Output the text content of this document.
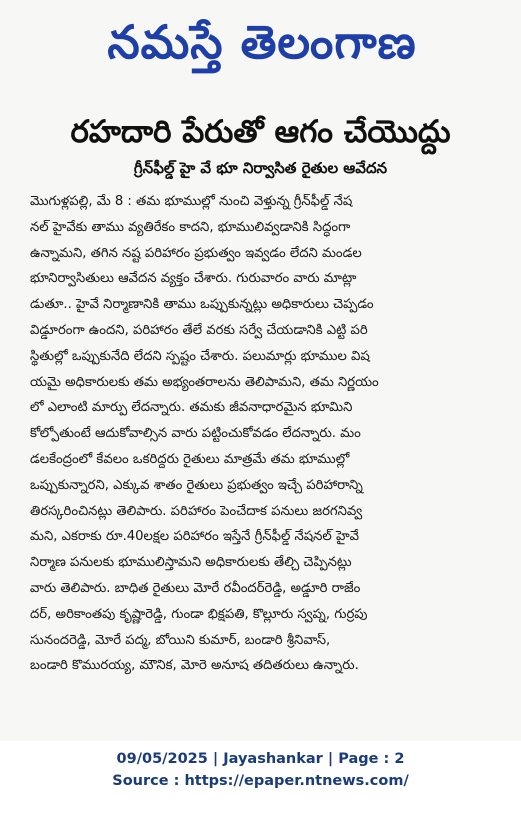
నమస్తే తెలంగాణ
రహదారి పేరుతో ఆగం చేయొద్దు
గ్రీన్‌ఫీల్డ్ హై వే భూ నిర్వాసిత రైతుల ఆవేదన
మొగుళ్లపల్లి, మే 8 : తమ భూముల్లో నుంచి వెళ్తున్న గ్రీన్‌ఫీల్డ్ నేష
నల్ హైవేకు తాము వ్యతిరేకం కాదని, భూములివ్వడానికి సిద్ధంగా
ఉన్నామని, తగిన నష్ట పరిహారం ప్రభుత్వం ఇవ్వడం లేదని మండల
భూనిర్వాసితులు ఆవేదన వ్యక్తం చేశారు. గురువారం వారు మాట్లా
డుతూ.. హైవే నిర్మాణానికి తాము ఒప్పుకున్నట్లు అధికారులు చెప్పడం
విడ్డూరంగా ఉందని, పరిహారం తేలే వరకు సర్వే చేయడానికి ఎట్టి పరి
స్థితుల్లో ఒప్పుకునేది లేదని స్పష్టం చేశారు. పలుమార్లు భూముల విష
యమై అధికారులకు తమ అభ్యంతరాలను తెలిపామని, తమ నిర్ణయం
లో ఎలాంటి మార్పు లేదన్నారు. తమకు జీవనాధారమైన భూమిని
కోల్పోతుంటే ఆదుకోవాల్సిన వారు పట్టించుకోవడం లేదన్నారు. మం
డలకేంద్రంలో కేవలం ఒకరిద్దరు రైతులు మాత్రమే తమ భూముల్లో
ఒప్పుకున్నారని, ఎక్కువ శాతం రైతులు ప్రభుత్వం ఇచ్చే పరిహారాన్ని
తిరస్కరించినట్లు తెలిపారు. పరిహారం పెంచేదాక పనులు జరగనివ్వ
మని, ఎకరాకు రూ.40లక్షల పరిహారం ఇస్తేనే గ్రీన్‌ఫీల్డ్ నేషనల్ హైవే
నిర్మాణ పనులకు భూములిస్తామని అధికారులకు తేల్చి చెప్పినట్లు
వారు తెలిపారు. బాధిత రైతులు మోరే రవీందర్‌రెడ్డి, అడ్డూరి రాజేం
దర్, అరికాంతపు కృష్ణారెడ్డి, గుండా భిక్షపతి, కొల్లూరు స్వప్న, గుర్రపు
సునందరెడ్డి, మోరే పద్మ, బోయిని కుమార్, బండారి శ్రీనివాస్,
బండారి కొమురయ్య, మౌనిక, మోరె అనూష తదితరులు ఉన్నారు.
09/05/2025 | Jayashankar | Page : 2
Source : https://epaper.ntnews.com/
